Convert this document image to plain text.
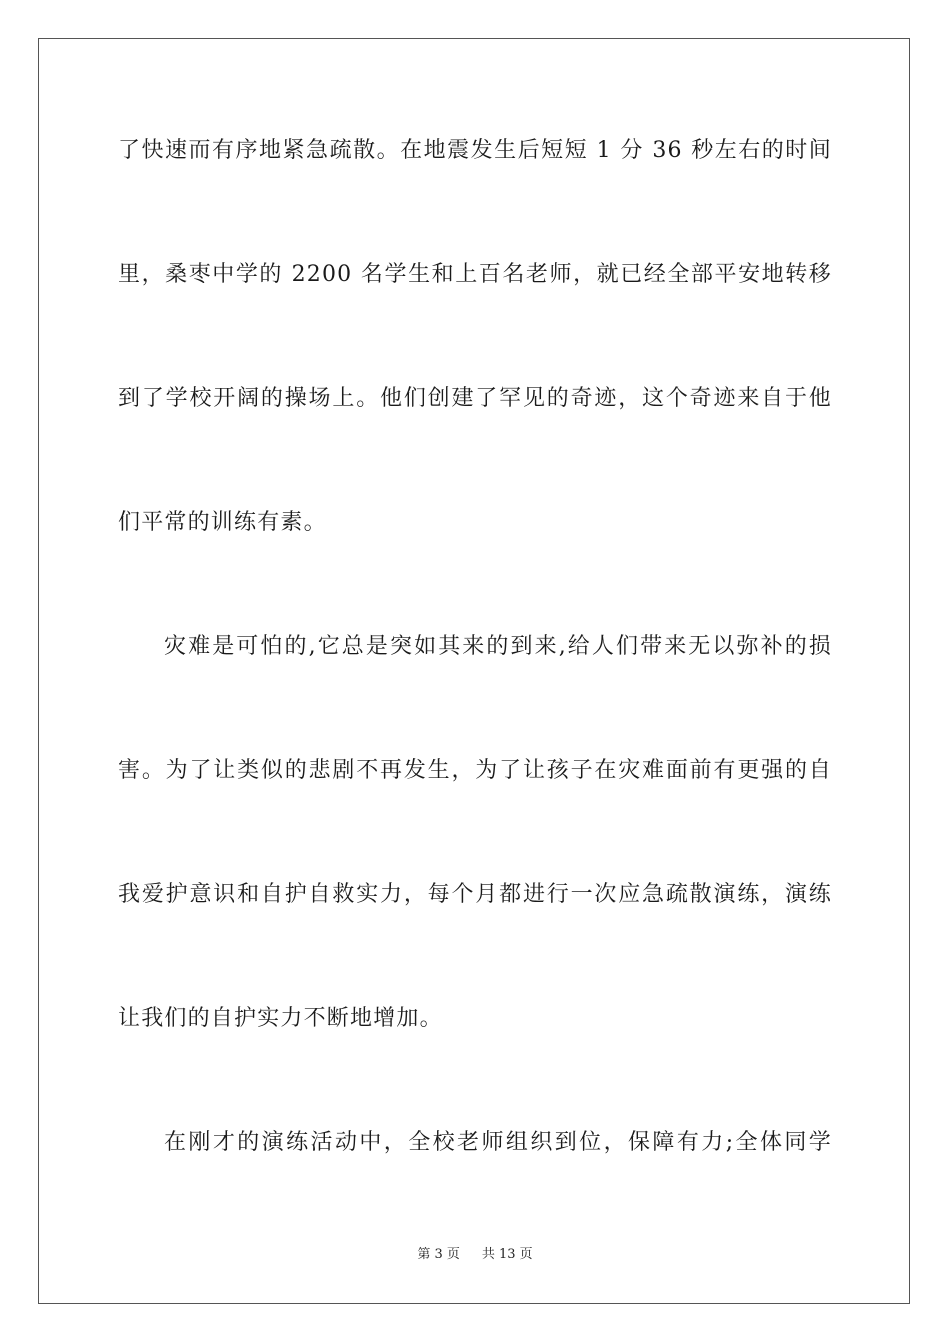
了快速而有序地紧急疏散。在地震发生后短短 1 分 36 秒左右的时间
里，桑枣中学的 2200 名学生和上百名老师，就已经全部平安地转移
到了学校开阔的操场上。他们创建了罕见的奇迹，这个奇迹来自于他
们平常的训练有素。
灾难是可怕的,它总是突如其来的到来,给人们带来无以弥补的损
害。为了让类似的悲剧不再发生，为了让孩子在灾难面前有更强的自
我爱护意识和自护自救实力，每个月都进行一次应急疏散演练，演练
让我们的自护实力不断地增加。
在刚才的演练活动中，全校老师组织到位，保障有力;全体同学
第 3 页 共 13 页
